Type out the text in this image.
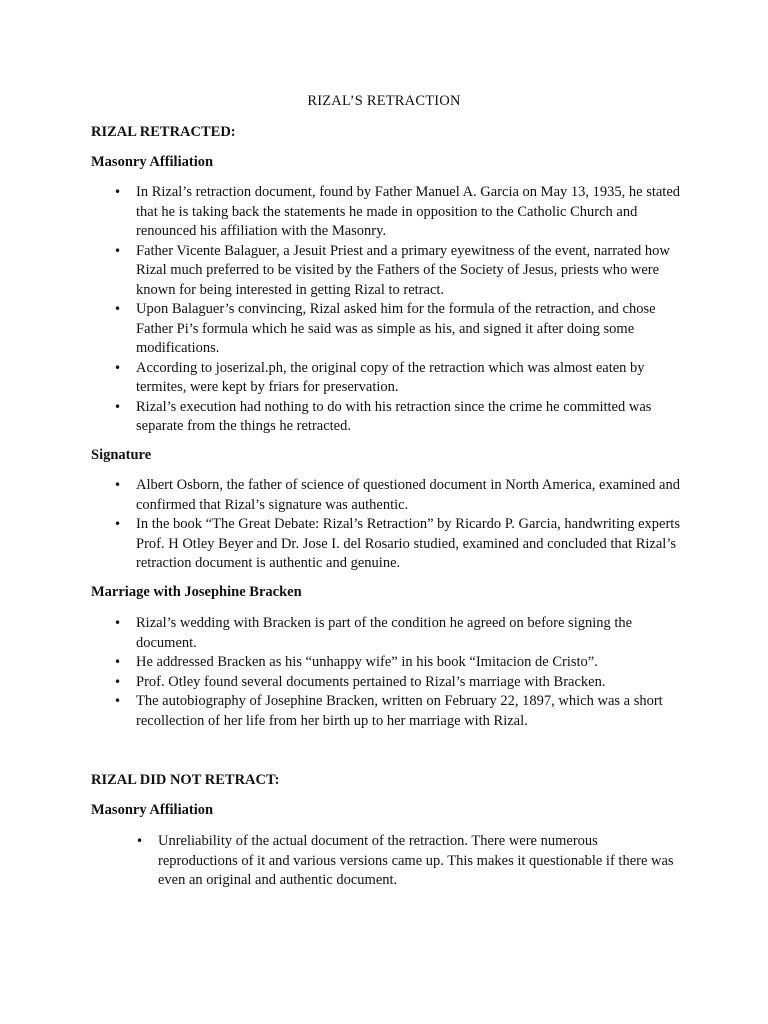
RIZAL’S RETRACTION
RIZAL RETRACTED:
Masonry Affiliation
• In Rizal’s retraction document, found by Father Manuel A. Garcia on May 13, 1935, he stated that he is taking back the statements he made in opposition to the Catholic Church and renounced his affiliation with the Masonry.
• Father Vicente Balaguer, a Jesuit Priest and a primary eyewitness of the event, narrated how Rizal much preferred to be visited by the Fathers of the Society of Jesus, priests who were known for being interested in getting Rizal to retract.
• Upon Balaguer’s convincing, Rizal asked him for the formula of the retraction, and chose Father Pi’s formula which he said was as simple as his, and signed it after doing some modifications.
• According to joserizal.ph, the original copy of the retraction which was almost eaten by termites, were kept by friars for preservation.
• Rizal’s execution had nothing to do with his retraction since the crime he committed was separate from the things he retracted.
Signature
• Albert Osborn, the father of science of questioned document in North America, examined and confirmed that Rizal’s signature was authentic.
• In the book “The Great Debate: Rizal’s Retraction” by Ricardo P. Garcia, handwriting experts Prof. H Otley Beyer and Dr. Jose I. del Rosario studied, examined and concluded that Rizal’s retraction document is authentic and genuine.
Marriage with Josephine Bracken
• Rizal’s wedding with Bracken is part of the condition he agreed on before signing the document.
• He addressed Bracken as his “unhappy wife” in his book “Imitacion de Cristo”.
• Prof. Otley found several documents pertained to Rizal’s marriage with Bracken.
• The autobiography of Josephine Bracken, written on February 22, 1897, which was a short recollection of her life from her birth up to her marriage with Rizal.
RIZAL DID NOT RETRACT:
Masonry Affiliation
• Unreliability of the actual document of the retraction. There were numerous reproductions of it and various versions came up. This makes it questionable if there was even an original and authentic document.
